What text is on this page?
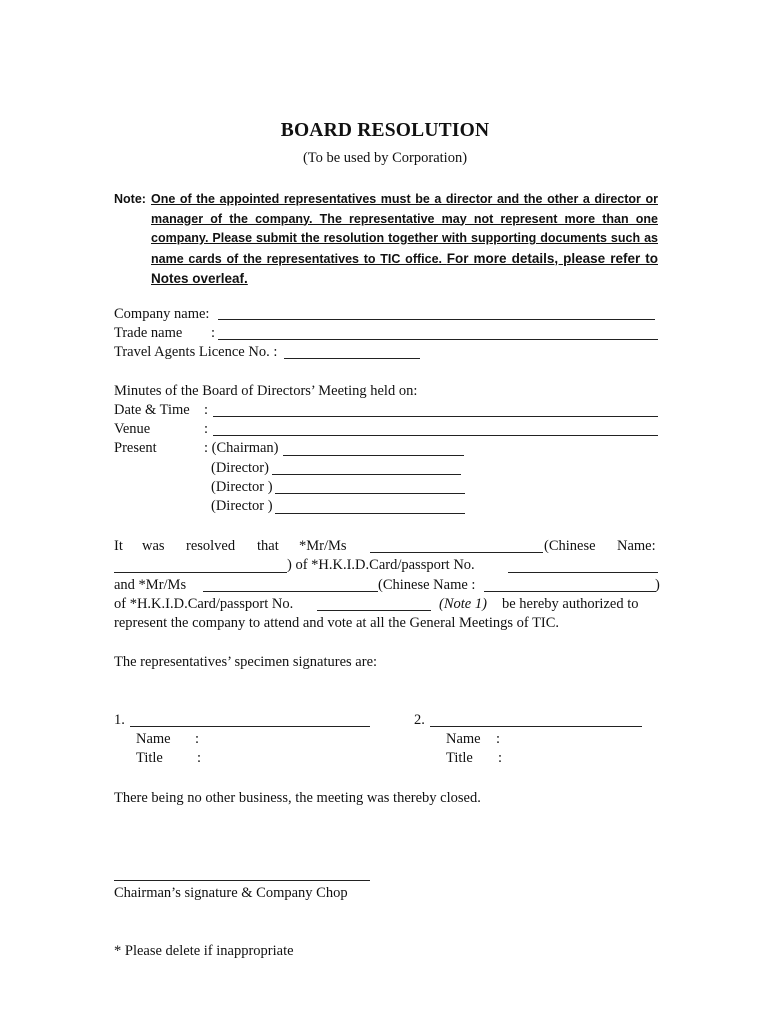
BOARD RESOLUTION
(To be used by Corporation)
Note: One of the appointed representatives must be a director and the other a director or manager of the company. The representative may not represent more than one company. Please submit the resolution together with supporting documents such as name cards of the representatives to TIC office. For more details, please refer to Notes overleaf.
Company name:
Trade name :
Travel Agents Licence No. :
Minutes of the Board of Directors’ Meeting held on:
Date & Time :
Venue	:
Present	: (Chairman)
(Director)
(Director )
(Director )
It was resolved that *Mr/Ms	(Chinese Name:
) of *H.K.I.D.Card/passport No.
and *Mr/Ms	(Chinese Name :	)
of *H.K.I.D.Card/passport No.	(Note 1) be hereby authorized to
represent the company to attend and vote at all the General Meetings of TIC.
The representatives’ specimen signatures are:
1.	2.
Name :	Name :
Title :	Title :
There being no other business, the meeting was thereby closed.
Chairman’s signature & Company Chop
* Please delete if inappropriate
